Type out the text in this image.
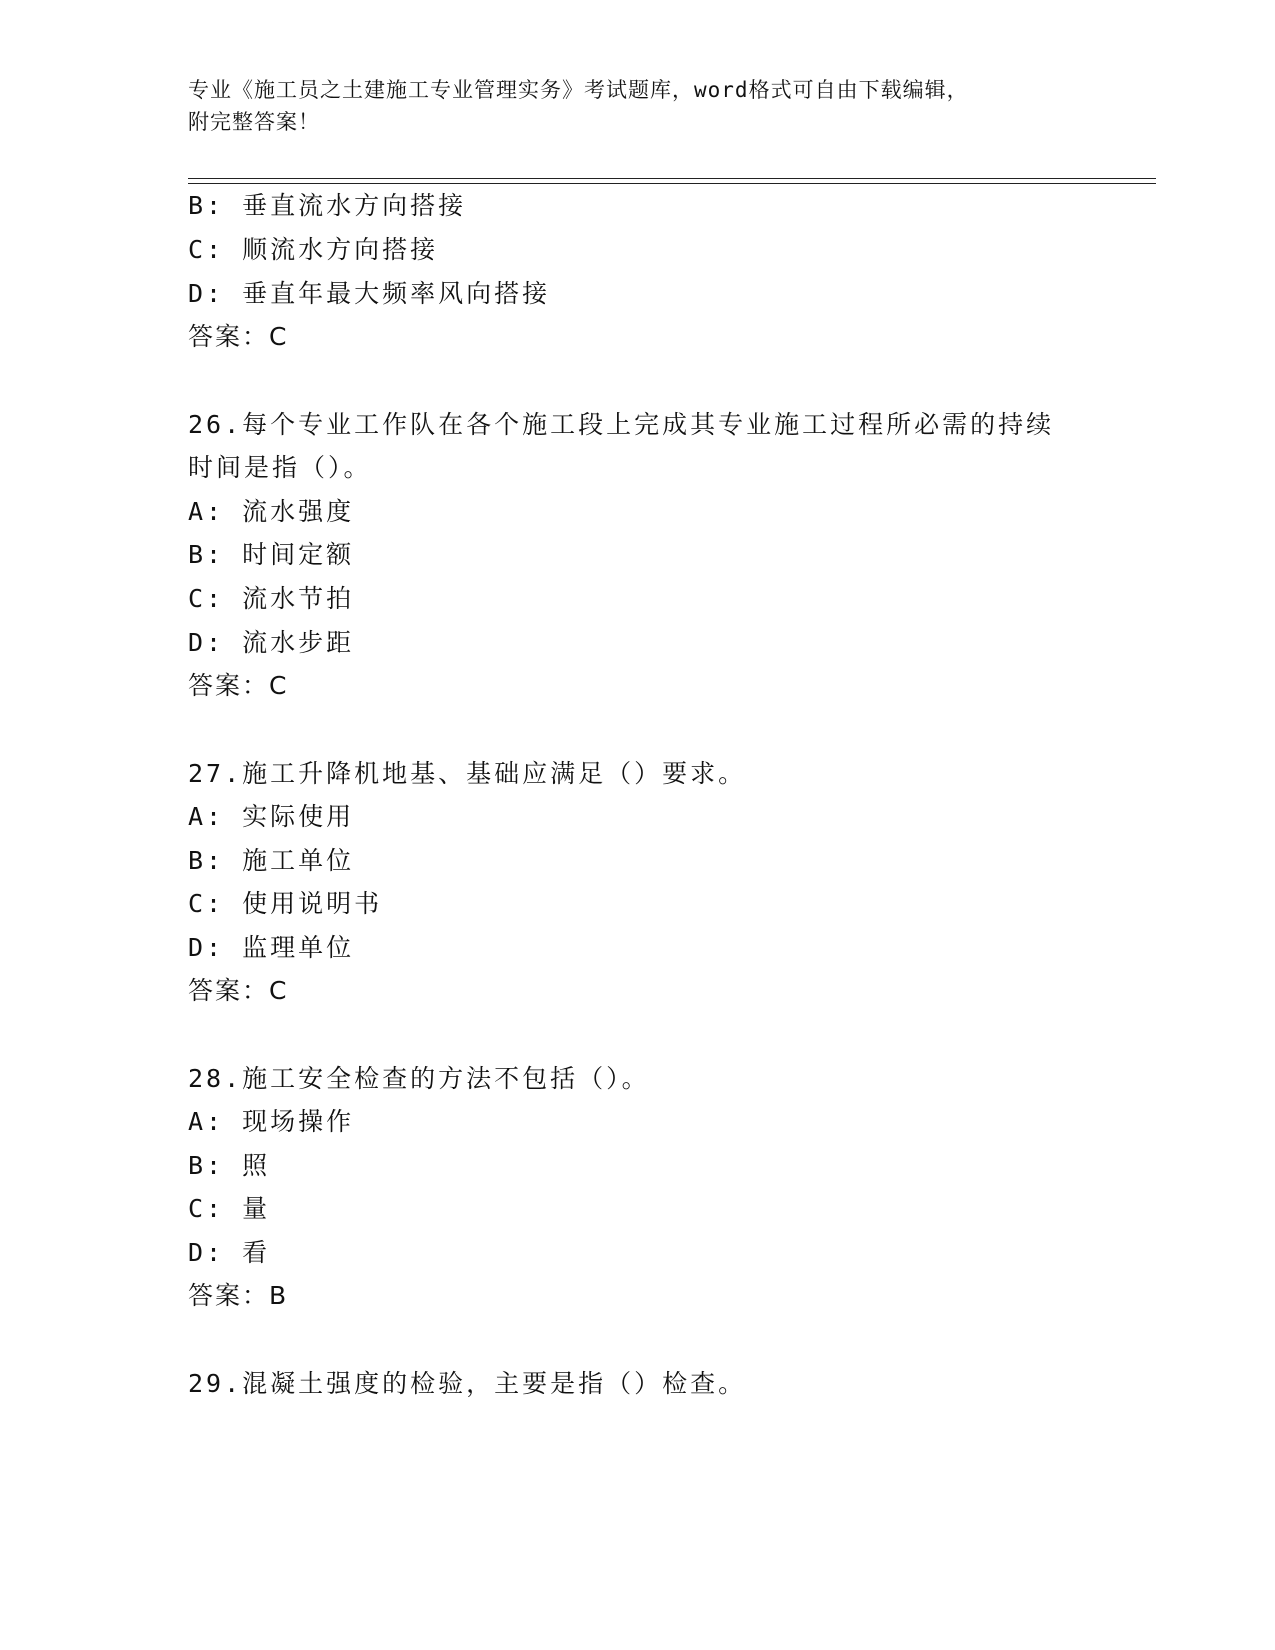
专业《施工员之土建施工专业管理实务》考试题库，word格式可自由下载编辑，
附完整答案！
B: 垂直流水方向搭接
C: 顺流水方向搭接
D: 垂直年最大频率风向搭接
答案：C
26.每个专业工作队在各个施工段上完成其专业施工过程所必需的持续
时间是指（）。
A: 流水强度
B: 时间定额
C: 流水节拍
D: 流水步距
答案：C
27.施工升降机地基、基础应满足（）要求。
A: 实际使用
B: 施工单位
C: 使用说明书
D: 监理单位
答案：C
28.施工安全检查的方法不包括（）。
A: 现场操作
B: 照
C: 量
D: 看
答案：B
29.混凝土强度的检验，主要是指（）检查。
